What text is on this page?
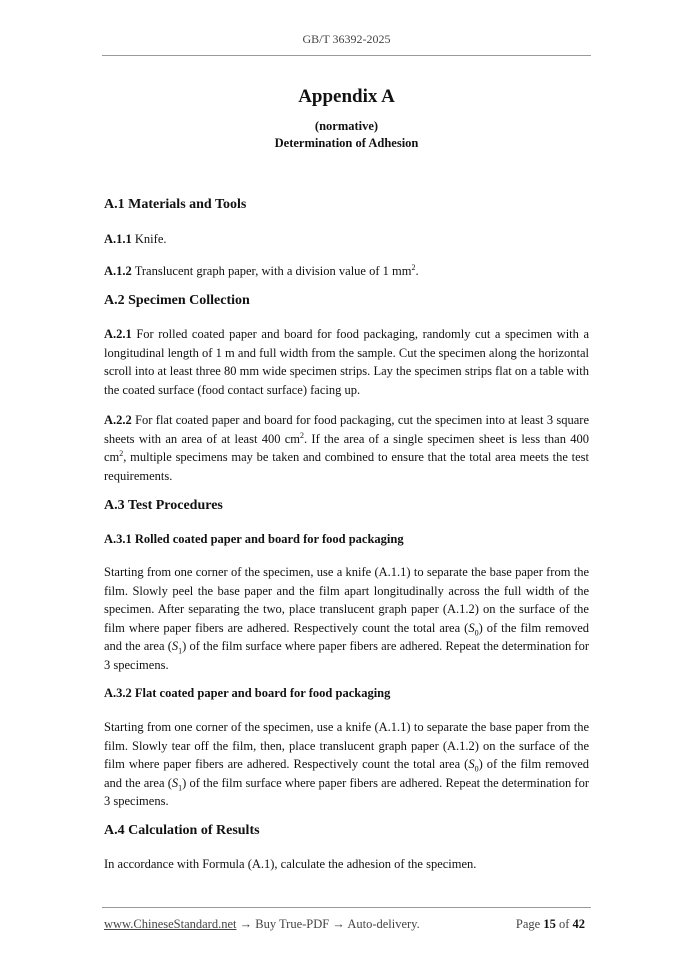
GB/T 36392-2025
Appendix A
(normative)
Determination of Adhesion
A.1 Materials and Tools
A.1.1 Knife.
A.1.2 Translucent graph paper, with a division value of 1 $mm^2$.
A.2 Specimen Collection
A.2.1 For rolled coated paper and board for food packaging, randomly cut a specimen with a longitudinal length of 1 m and full width from the sample. Cut the specimen along the horizontal scroll into at least three 80 mm wide specimen strips. Lay the specimen strips flat on a table with the coated surface (food contact surface) facing up.
A.2.2 For flat coated paper and board for food packaging, cut the specimen into at least 3 square sheets with an area of at least 400 $cm^2$. If the area of a single specimen sheet is less than 400 $cm^2$, multiple specimens may be taken and combined to ensure that the total area meets the test requirements.
A.3 Test Procedures
A.3.1 Rolled coated paper and board for food packaging
Starting from one corner of the specimen, use a knife (A.1.1) to separate the base paper from the film. Slowly peel the base paper and the film apart longitudinally across the full width of the specimen. After separating the two, place translucent graph paper (A.1.2) on the surface of the film where paper fibers are adhered. Respectively count the total area $(S_0)$ of the film removed and the area $(S_1)$ of the film surface where paper fibers are adhered. Repeat the determination for 3 specimens.
A.3.2 Flat coated paper and board for food packaging
Starting from one corner of the specimen, use a knife (A.1.1) to separate the base paper from the film. Slowly tear off the film, then, place translucent graph paper (A.1.2) on the surface of the film where paper fibers are adhered. Respectively count the total area $(S_0)$ of the film removed and the area $(S_1)$ of the film surface where paper fibers are adhered. Repeat the determination for 3 specimens.
A.4 Calculation of Results
In accordance with Formula (A.1), calculate the adhesion of the specimen.
www.ChineseStandard.net → Buy True-PDF → Auto-delivery.	Page 15 of 42
